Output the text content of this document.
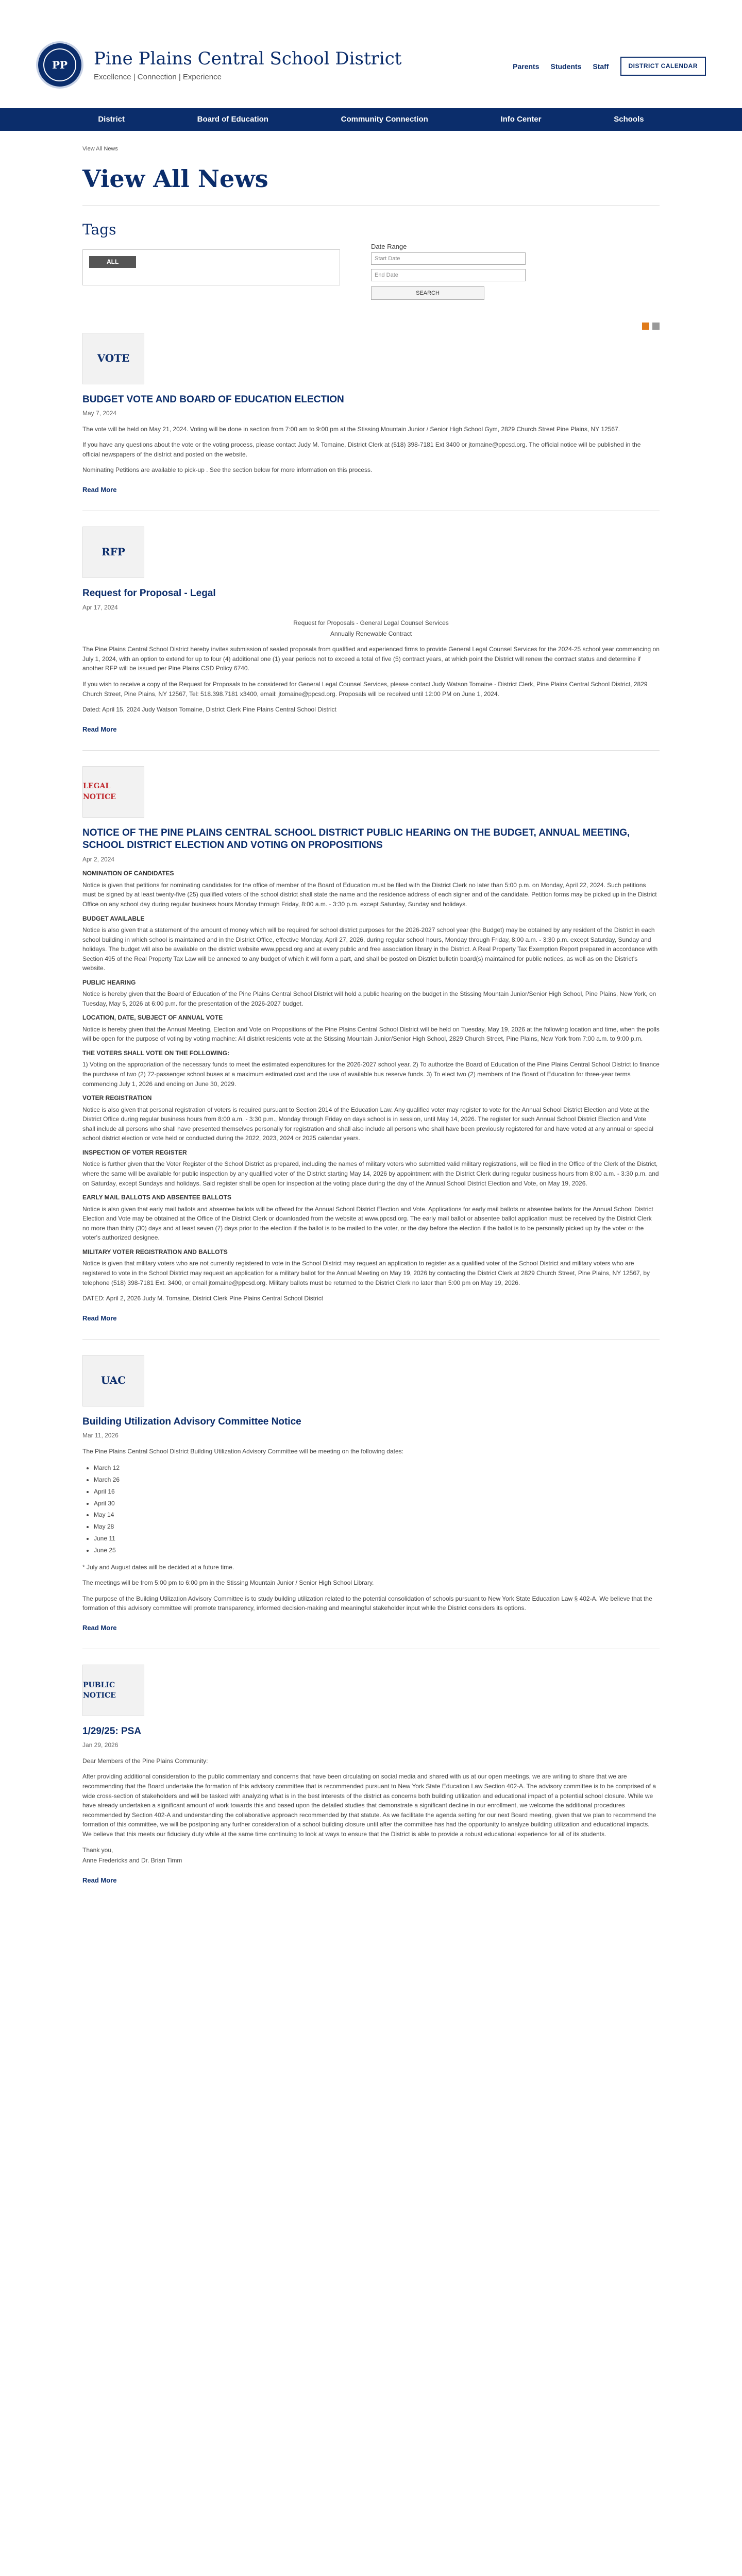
PP	Pine Plains Central School District
Excellence | Connection | Experience
Parents Students Staff	DISTRICT CALENDAR
District	Board of Education	Community Connection	Info Center	Schools
View All News
View All News
Tags
ALL
Date Range
Start Date
End Date
SEARCH
VOTE
BUDGET VOTE AND BOARD OF EDUCATION ELECTION
May 7, 2024

The vote will be held on May 21, 2024. Voting will be done in section from 7:00 am to 9:00 pm at the Stissing Mountain Junior / Senior High School Gym, 2829 Church Street Pine Plains, NY 12567.

If you have any questions about the vote or the voting process, please contact Judy M. Tomaine, District Clerk at (518) 398-7181 Ext 3400 or jtomaine@ppcsd.org. The official notice will be published in the official newspapers of the district and posted on the website.

Nominating Petitions are available to pick-up . See the section below for more information on this process.

Read More
RFP
Request for Proposal - Legal
Apr 17, 2024

Request for Proposals - General Legal Counsel Services

Annually Renewable Contract

The Pine Plains Central School District hereby invites submission of sealed proposals from qualified and experienced firms to provide General Legal Counsel Services for the 2024-25 school year commencing on July 1, 2024, with an option to extend for up to four (4) additional one (1) year periods not to exceed a total of five (5) contract years, at which point the District will renew the contract status and determine if another RFP will be issued per Pine Plains CSD Policy 6740.

If you wish to receive a copy of the Request for Proposals to be considered for General Legal Counsel Services, please contact Judy Watson Tomaine - District Clerk, Pine Plains Central School District, 2829 Church Street, Pine Plains, NY 12567, Tel: 518.398.7181 x3400, email: jtomaine@ppcsd.org. Proposals will be received until 12:00 PM on June 1, 2024.

Dated: April 15, 2024 Judy Watson Tomaine, District Clerk Pine Plains Central School District

Read More
LEGAL NOTICE
NOTICE OF THE PINE PLAINS CENTRAL SCHOOL DISTRICT PUBLIC HEARING ON THE BUDGET, ANNUAL MEETING, SCHOOL DISTRICT ELECTION AND VOTING ON PROPOSITIONS
Apr 2, 2024
NOMINATION OF CANDIDATES

Notice is given that petitions for nominating candidates for the office of member of the Board of Education must be filed with the District Clerk no later than 5:00 p.m. on Monday, April 22, 2024. Such petitions must be signed by at least twenty-five (25) qualified voters of the school district shall state the name and the residence address of each signer and of the candidate. Petition forms may be picked up in the District Office on any school day during regular business hours Monday through Friday, 8:00 a.m. - 3:30 p.m. except Saturday, Sunday and holidays.

BUDGET AVAILABLE

Notice is also given that a statement of the amount of money which will be required for school district purposes for the 2026-2027 school year (the Budget) may be obtained by any resident of the District in each school building in which school is maintained and in the District Office, effective Monday, April 27, 2026, during regular school hours, Monday through Friday, 8:00 a.m. - 3:30 p.m. except Saturday, Sunday and holidays. The budget will also be available on the district website www.ppcsd.org and at every public and free association library in the District. A Real Property Tax Exemption Report prepared in accordance with Section 495 of the Real Property Tax Law will be annexed to any budget of which it will form a part, and shall be posted on District bulletin board(s) maintained for public notices, as well as on the District's website.

PUBLIC HEARING

Notice is hereby given that the Board of Education of the Pine Plains Central School District will hold a public hearing on the budget in the Stissing Mountain Junior/Senior High School, Pine Plains, New York, on Tuesday, May 5, 2026 at 6:00 p.m. for the presentation of the 2026-2027 budget.

LOCATION, DATE, SUBJECT OF ANNUAL VOTE

Notice is hereby given that the Annual Meeting, Election and Vote on Propositions of the Pine Plains Central School District will be held on Tuesday, May 19, 2026 at the following location and time, when the polls will be open for the purpose of voting by voting machine: All district residents vote at the Stissing Mountain Junior/Senior High School, 2829 Church Street, Pine Plains, New York from 7:00 a.m. to 9:00 p.m.

THE VOTERS SHALL VOTE ON THE FOLLOWING:

1) Voting on the appropriation of the necessary funds to meet the estimated expenditures for the 2026-2027 school year. 2) To authorize the Board of Education of the Pine Plains Central School District to finance the purchase of two (2) 72-passenger school buses at a maximum estimated cost and the use of available bus reserve funds. 3) To elect two (2) members of the Board of Education for three-year terms commencing July 1, 2026 and ending on June 30, 2029.

VOTER REGISTRATION

Notice is also given that personal registration of voters is required pursuant to Section 2014 of the Education Law. Any qualified voter may register to vote for the Annual School District Election and Vote at the District Office during regular business hours from 8:00 a.m. - 3:30 p.m., Monday through Friday on days school is in session, until May 14, 2026. The register for such Annual School District Election and Vote shall include all persons who shall have presented themselves personally for registration and shall also include all persons who shall have been previously registered for and have voted at any annual or special school district election or vote held or conducted during the 2022, 2023, 2024 or 2025 calendar years.

INSPECTION OF VOTER REGISTER

Notice is further given that the Voter Register of the School District as prepared, including the names of military voters who submitted valid military registrations, will be filed in the Office of the Clerk of the District, where the same will be available for public inspection by any qualified voter of the District starting May 14, 2026 by appointment with the District Clerk during regular business hours from 8:00 a.m. - 3:30 p.m. and on Saturday, except Sundays and holidays. Said register shall be open for inspection at the voting place during the day of the Annual School District Election and Vote, on May 19, 2026.

EARLY MAIL BALLOTS AND ABSENTEE BALLOTS

Notice is also given that early mail ballots and absentee ballots will be offered for the Annual School District Election and Vote. Applications for early mail ballots or absentee ballots for the Annual School District Election and Vote may be obtained at the Office of the District Clerk or downloaded from the website at www.ppcsd.org. The early mail ballot or absentee ballot application must be received by the District Clerk no more than thirty (30) days and at least seven (7) days prior to the election if the ballot is to be mailed to the voter, or the day before the election if the ballot is to be personally picked up by the voter or the voter's authorized designee.

MILITARY VOTER REGISTRATION AND BALLOTS

Notice is given that military voters who are not currently registered to vote in the School District may request an application to register as a qualified voter of the School District and military voters who are registered to vote in the School District may request an application for a military ballot for the Annual Meeting on May 19, 2026 by contacting the District Clerk at 2829 Church Street, Pine Plains, NY 12567, by telephone (518) 398-7181 Ext. 3400, or email jtomaine@ppcsd.org. Military ballots must be returned to the District Clerk no later than 5:00 pm on May 19, 2026.

DATED: April 2, 2026 Judy M. Tomaine, District Clerk Pine Plains Central School District

Read More
UAC
Building Utilization Advisory Committee Notice
Mar 11, 2026

The Pine Plains Central School District Building Utilization Advisory Committee will be meeting on the following dates:

• March 12
• March 26
• April 16
• April 30
• May 14
• May 28
• June 11
• June 25

* July and August dates will be decided at a future time.

The meetings will be from 5:00 pm to 6:00 pm in the Stissing Mountain Junior / Senior High School Library.

The purpose of the Building Utilization Advisory Committee is to study building utilization related to the potential consolidation of schools pursuant to New York State Education Law § 402-A. We believe that the formation of this advisory committee will promote transparency, informed decision-making and meaningful stakeholder input while the District considers its options.

Read More
PUBLIC NOTICE
1/29/25: PSA
Jan 29, 2026

Dear Members of the Pine Plains Community:

After providing additional consideration to the public commentary and concerns that have been circulating on social media and shared with us at our open meetings, we are writing to share that we are recommending that the Board undertake the formation of this advisory committee that is recommended pursuant to New York State Education Law Section 402-A. The advisory committee is to be comprised of a wide cross-section of stakeholders and will be tasked with analyzing what is in the best interests of the district as concerns both building utilization and educational impact of a potential school closure. While we have already undertaken a significant amount of work towards this and based upon the detailed studies that demonstrate a significant decline in our enrollment, we welcome the additional procedures recommended by Section 402-A and understanding the collaborative approach recommended by that statute. As we facilitate the agenda setting for our next Board meeting, given that we plan to recommend the formation of this committee, we will be postponing any further consideration of a school building closure until after the committee has had the opportunity to analyze building utilization and educational impacts. We believe that this meets our fiduciary duty while at the same time continuing to look at ways to ensure that the District is able to provide a robust educational experience for all of its students.

Thank you,

Anne Fredericks and Dr. Brian Timm

Read More
